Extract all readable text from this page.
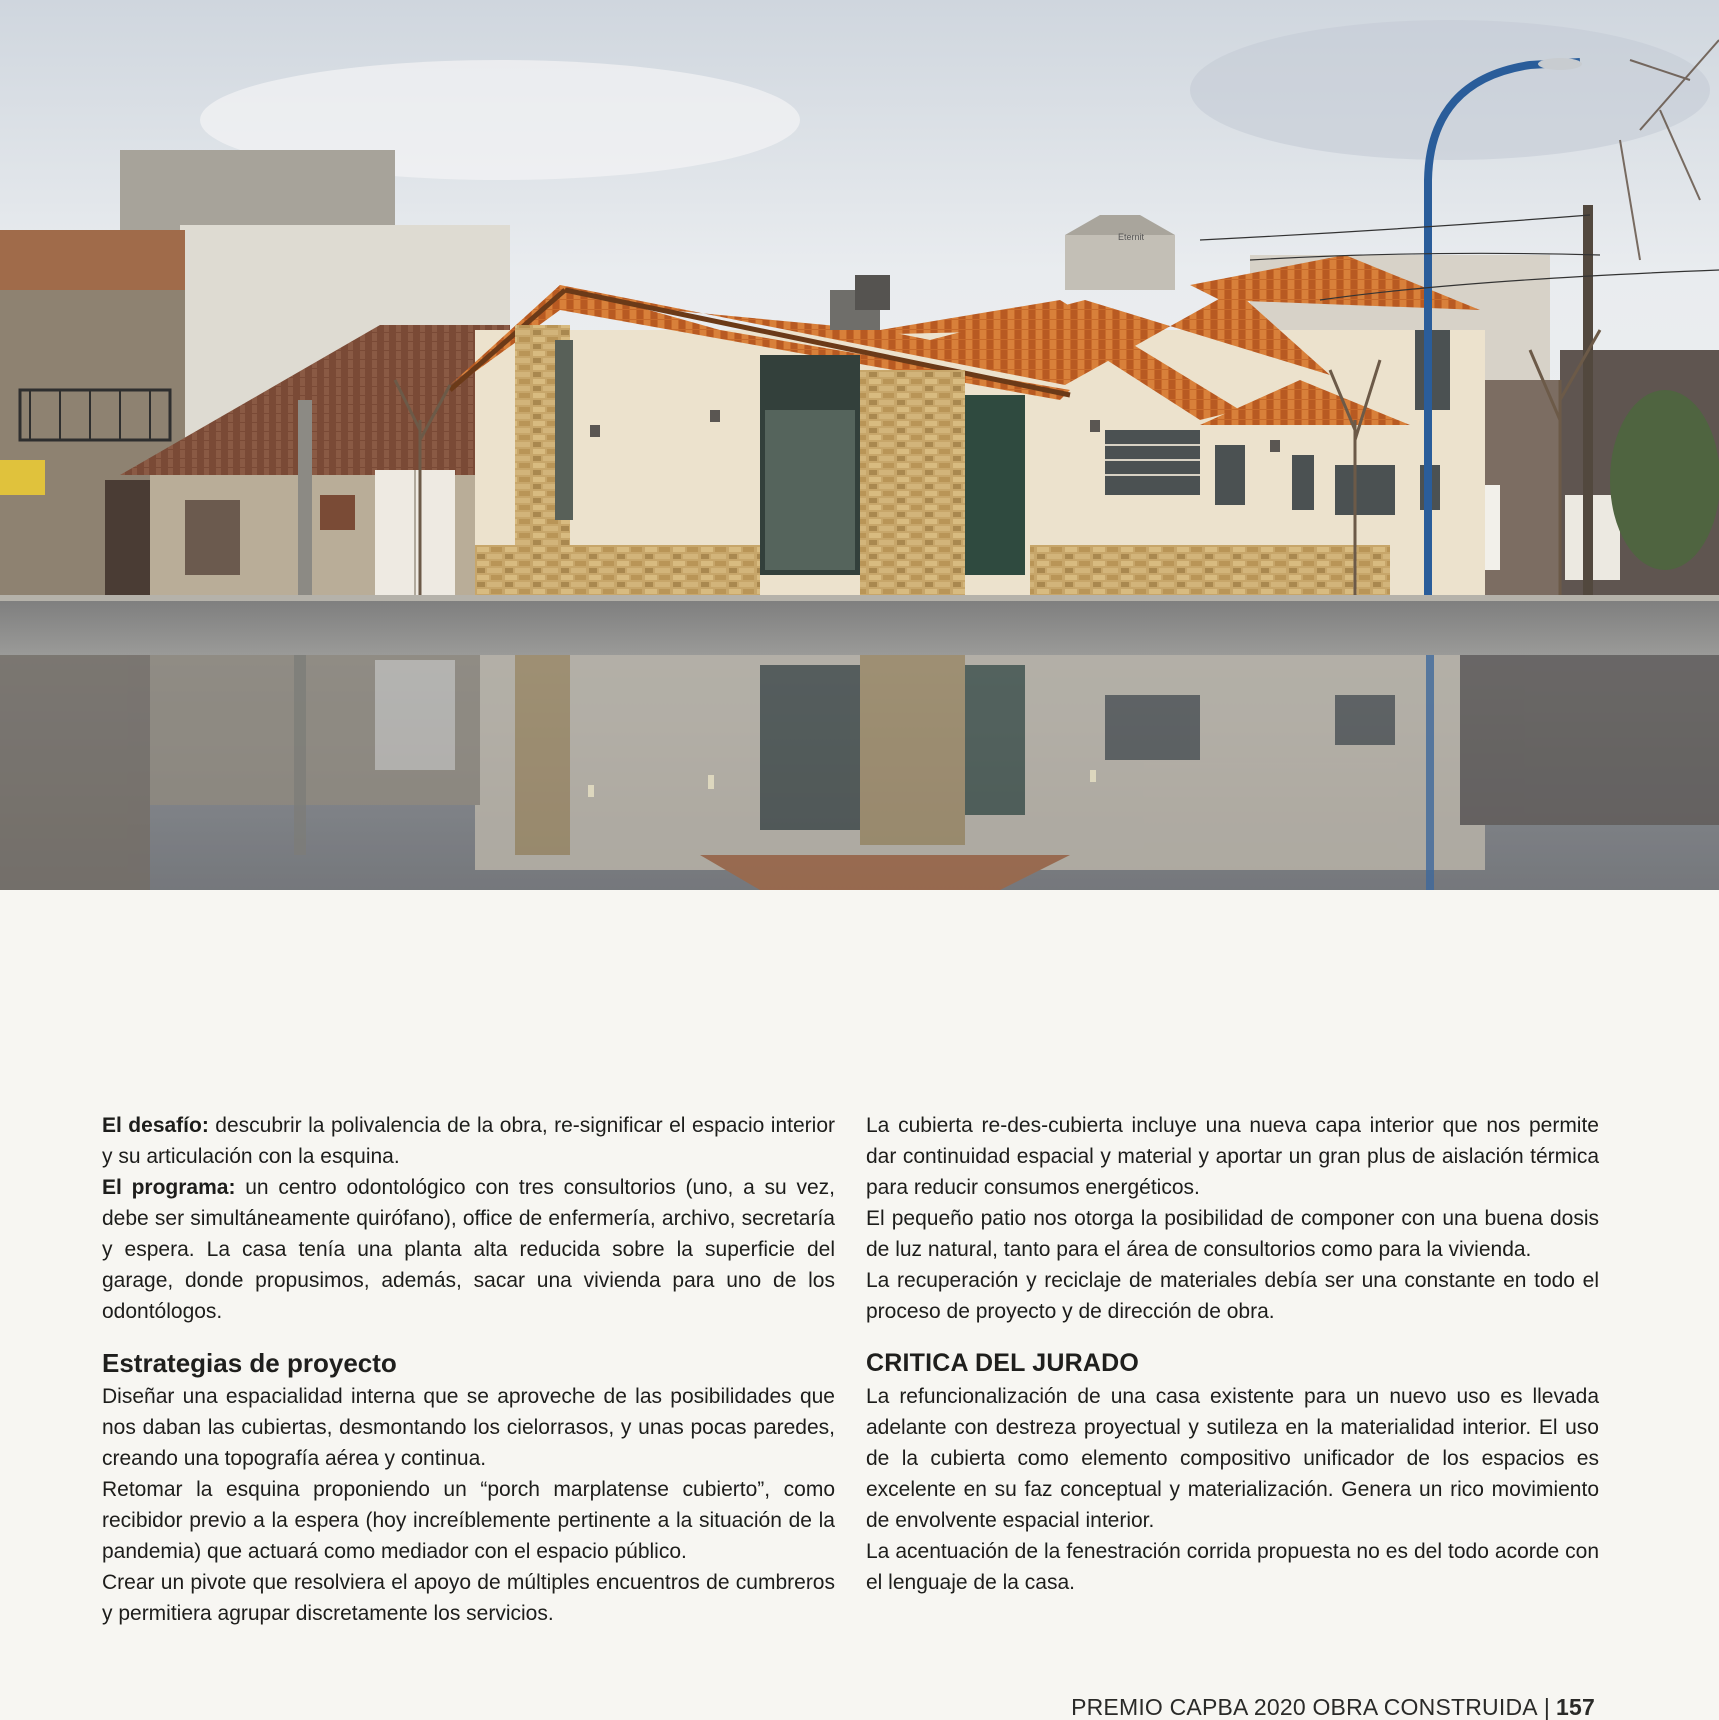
Eternit

El desafío: descubrir la polivalencia de la obra, re-significar el espacio interior y su articulación con la esquina.

El programa: un centro odontológico con tres consultorios (uno, a su vez, debe ser simultáneamente quirófano), office de enfermería, archivo, secretaría y espera. La casa tenía una planta alta reducida sobre la superficie del garage, donde propusimos, además, sacar una vivienda para uno de los odontólogos.

Estrategias de proyecto

Diseñar una espacialidad interna que se aproveche de las posibilidades que nos daban las cubiertas, desmontando los cielorrasos, y unas pocas paredes, creando una topografía aérea y continua.

Retomar la esquina proponiendo un “porch marplatense cubierto”, como recibidor previo a la espera (hoy increíblemente pertinente a la situación de la pandemia) que actuará como mediador con el espacio público.

Crear un pivote que resolviera el apoyo de múltiples encuentros de cumbreros y permitiera agrupar discretamente los servicios.

La cubierta re-des-cubierta incluye una nueva capa interior que nos permite dar continuidad espacial y material y aportar un gran plus de aislación térmica para reducir consumos energéticos.

El pequeño patio nos otorga la posibilidad de componer con una buena dosis de luz natural, tanto para el área de consultorios como para la vivienda.

La recuperación y reciclaje de materiales debía ser una constante en todo el proceso de proyecto y de dirección de obra.

CRITICA DEL JURADO

La refuncionalización de una casa existente para un nuevo uso es llevada adelante con destreza proyectual y sutileza en la materialidad interior. El uso de la cubierta como elemento compositivo unificador de los espacios es excelente en su faz conceptual y materialización. Genera un rico movimiento de envolvente espacial interior.

La acentuación de la fenestración corrida propuesta no es del todo acorde con el lenguaje de la casa.

PREMIO CAPBA 2020 OBRA CONSTRUIDA | 157
